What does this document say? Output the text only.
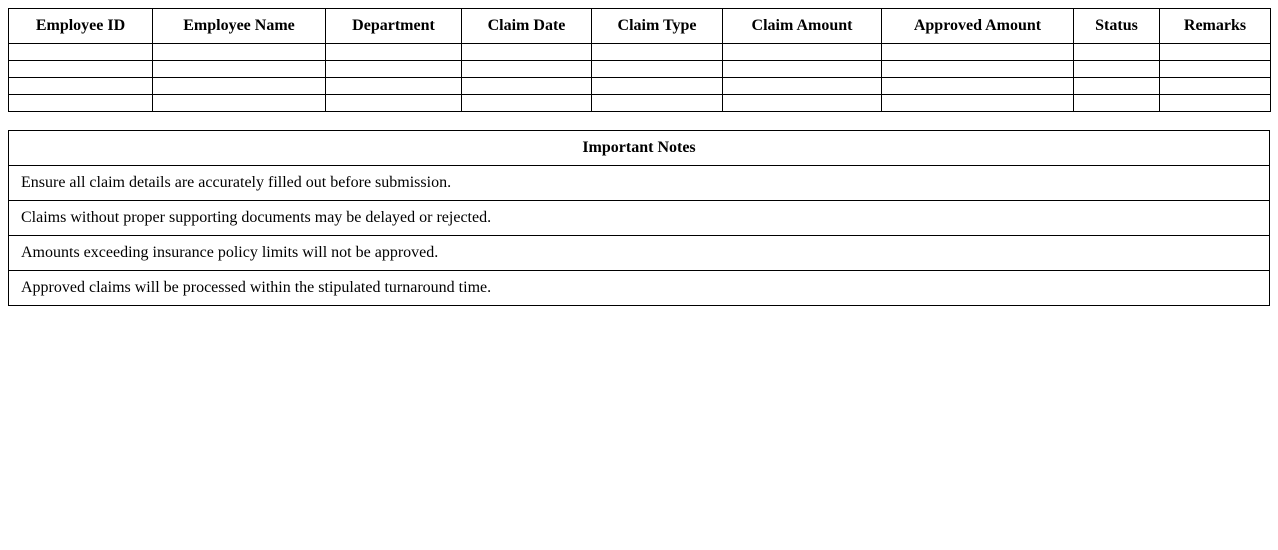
Employee ID	Employee Name	Department	Claim Date	Claim Type	Claim Amount	Approved Amount	Status	Remarks

Important Notes
Ensure all claim details are accurately filled out before submission.
Claims without proper supporting documents may be delayed or rejected.
Amounts exceeding insurance policy limits will not be approved.
Approved claims will be processed within the stipulated turnaround time.
